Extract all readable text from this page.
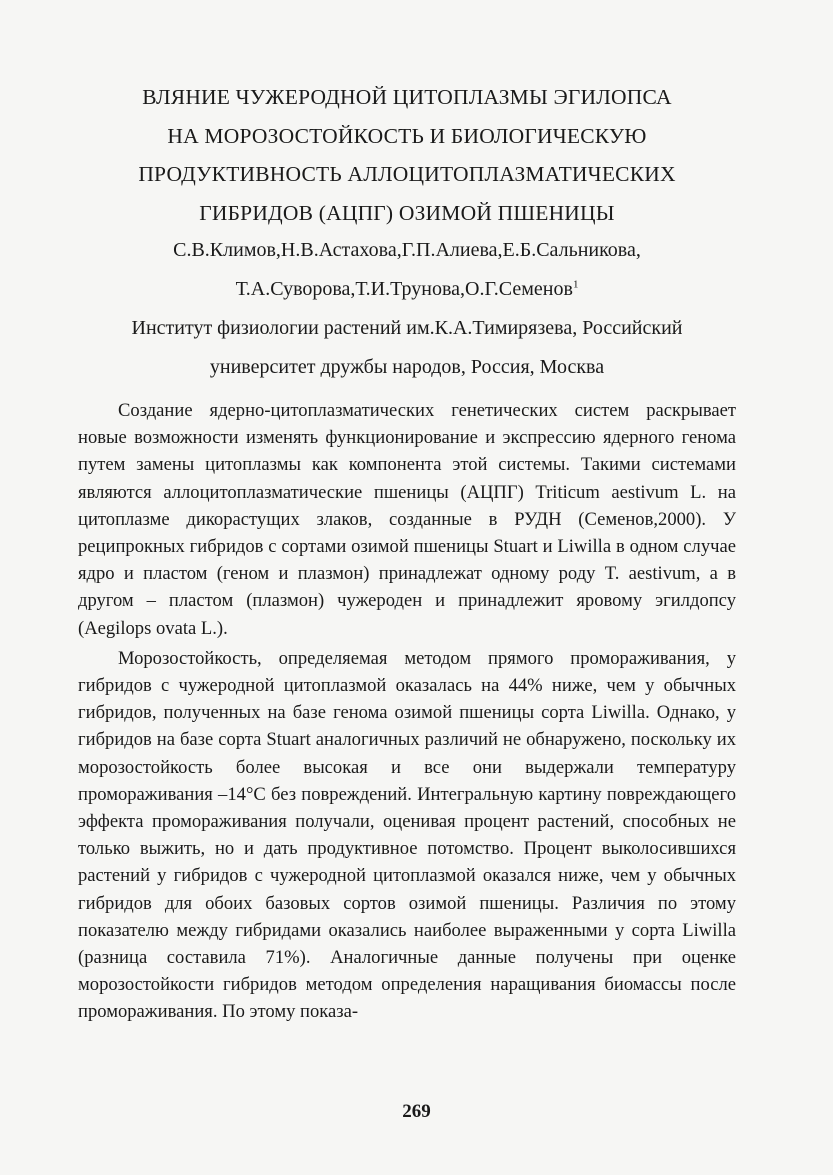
ВЛЯНИЕ ЧУЖЕРОДНОЙ ЦИТОПЛАЗМЫ ЭГИЛОПСА
НА МОРОЗОСТОЙКОСТЬ И БИОЛОГИЧЕСКУЮ
ПРОДУКТИВНОСТЬ АЛЛОЦИТОПЛАЗМАТИЧЕСКИХ
ГИБРИДОВ (АЦПГ) ОЗИМОЙ ПШЕНИЦЫ
С.В.Климов,Н.В.Астахова,Г.П.Алиева,Е.Б.Сальникова,
Т.А.Суворова,Т.И.Трунова,О.Г.Семенов$^1$
Институт физиологии растений им.К.А.Тимирязева, Российский
университет дружбы народов, Россия, Москва

Создание ядерно-цитоплазматических генетических систем раскрывает новые возможности изменять функционирование и экспрессию ядерного генома путем замены цитоплазмы как компонента этой системы. Такими системами являются аллоцитоплазматические пшеницы (АЦПГ) Triticum aestivum L. на цитоплазме дикорастущих злаков, созданные в РУДН (Семенов,2000). У реципрокных гибридов с сортами озимой пшеницы Stuart и Liwilla в одном случае ядро и пластом (геном и плазмон) принадлежат одному роду T. aestivum, а в другом – пластом (плазмон) чужероден и принадлежит яровому эгилдопсу (Aegilops ovata L.).

Морозостойкость, определяемая методом прямого промораживания, у гибридов с чужеродной цитоплазмой оказалась на 44% ниже, чем у обычных гибридов, полученных на базе генома озимой пшеницы сорта Liwilla. Однако, у гибридов на базе сорта Stuart аналогичных различий не обнаружено, поскольку их морозостойкость более высокая и все они выдержали температуру промораживания –14°С без повреждений. Интегральную картину повреждающего эффекта промораживания получали, оценивая процент растений, способных не только выжить, но и дать продуктивное потомство. Процент выколосившихся растений у гибридов с чужеродной цитоплазмой оказался ниже, чем у обычных гибридов для обоих базовых сортов озимой пшеницы. Различия по этому показателю между гибридами оказались наиболее выраженными у сорта Liwilla (разница составила 71%). Аналогичные данные получены при оценке морозостойкости гибридов методом определения наращивания биомассы после промораживания. По этому показа-

269
